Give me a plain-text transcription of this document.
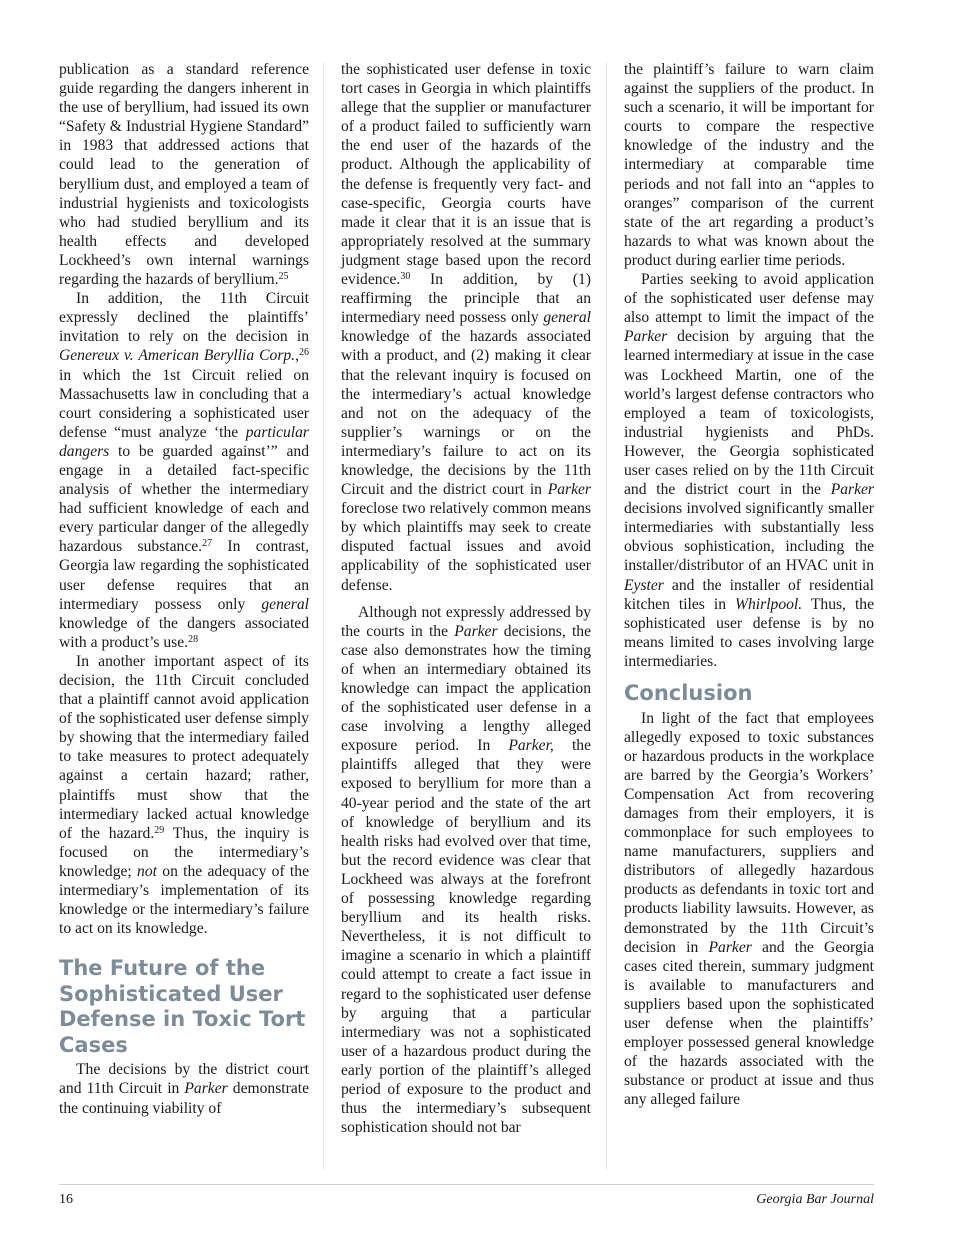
publication as a standard reference guide regarding the dangers inherent in the use of beryllium, had issued its own “Safety & Industrial Hygiene Standard” in 1983 that addressed actions that could lead to the generation of beryllium dust, and employed a team of industrial hygienists and toxicologists who had studied beryllium and its health effects and developed Lockheed’s own internal warnings regarding the hazards of beryllium.$^{25}$

In addition, the 11th Circuit expressly declined the plaintiffs’ invitation to rely on the decision in Genereux v. American Beryllia Corp.,$^{26}$ in which the 1st Circuit relied on Massachusetts law in concluding that a court considering a sophisticated user defense “must analyze ‘the particular dangers to be guarded against’” and engage in a detailed fact-specific analysis of whether the intermediary had sufficient knowledge of each and every particular danger of the allegedly hazardous substance.$^{27}$ In contrast, Georgia law regarding the sophisticated user defense requires that an intermediary possess only general knowledge of the dangers associated with a product’s use.$^{28}$

In another important aspect of its decision, the 11th Circuit concluded that a plaintiff cannot avoid application of the sophisticated user defense simply by showing that the intermediary failed to take measures to protect adequately against a certain hazard; rather, plaintiffs must show that the intermediary lacked actual knowledge of the hazard.$^{29}$ Thus, the inquiry is focused on the intermediary’s knowledge; not on the adequacy of the intermediary’s implementation of its knowledge or the intermediary’s failure to act on its knowledge.

The Future of the Sophisticated User Defense in Toxic Tort Cases

The decisions by the district court and 11th Circuit in Parker demonstrate the continuing viability of

the sophisticated user defense in toxic tort cases in Georgia in which plaintiffs allege that the supplier or manufacturer of a product failed to sufficiently warn the end user of the hazards of the product. Although the applicability of the defense is frequently very fact- and case-specific, Georgia courts have made it clear that it is an issue that is appropriately resolved at the summary judgment stage based upon the record evidence.$^{30}$ In addition, by (1) reaffirming the principle that an intermediary need possess only general knowledge of the hazards associated with a product, and (2) making it clear that the relevant inquiry is focused on the intermediary’s actual knowledge and not on the adequacy of the supplier’s warnings or on the intermediary’s failure to act on its knowledge, the decisions by the 11th Circuit and the district court in Parker foreclose two relatively common means by which plaintiffs may seek to create disputed factual issues and avoid applicability of the sophisticated user defense.

Although not expressly addressed by the courts in the Parker decisions, the case also demonstrates how the timing of when an intermediary obtained its knowledge can impact the application of the sophisticated user defense in a case involving a lengthy alleged exposure period. In Parker, the plaintiffs alleged that they were exposed to beryllium for more than a 40-year period and the state of the art of knowledge of beryllium and its health risks had evolved over that time, but the record evidence was clear that Lockheed was always at the forefront of possessing knowledge regarding beryllium and its health risks. Nevertheless, it is not difficult to imagine a scenario in which a plaintiff could attempt to create a fact issue in regard to the sophisticated user defense by arguing that a particular intermediary was not a sophisticated user of a hazardous product during the early portion of the plaintiff’s alleged period of exposure to the product and thus the intermediary’s subsequent sophistication should not bar

the plaintiff’s failure to warn claim against the suppliers of the product. In such a scenario, it will be important for courts to compare the respective knowledge of the industry and the intermediary at comparable time periods and not fall into an “apples to oranges” comparison of the current state of the art regarding a product’s hazards to what was known about the product during earlier time periods.

Parties seeking to avoid application of the sophisticated user defense may also attempt to limit the impact of the Parker decision by arguing that the learned intermediary at issue in the case was Lockheed Martin, one of the world’s largest defense contractors who employed a team of toxicologists, industrial hygienists and PhDs. However, the Georgia sophisticated user cases relied on by the 11th Circuit and the district court in the Parker decisions involved significantly smaller intermediaries with substantially less obvious sophistication, including the installer/distributor of an HVAC unit in Eyster and the installer of residential kitchen tiles in Whirlpool. Thus, the sophisticated user defense is by no means limited to cases involving large intermediaries.

Conclusion

In light of the fact that employees allegedly exposed to toxic substances or hazardous products in the workplace are barred by the Georgia’s Workers’ Compensation Act from recovering damages from their employers, it is commonplace for such employees to name manufacturers, suppliers and distributors of allegedly hazardous products as defendants in toxic tort and products liability lawsuits. However, as demonstrated by the 11th Circuit’s decision in Parker and the Georgia cases cited therein, summary judgment is available to manufacturers and suppliers based upon the sophisticated user defense when the plaintiffs’ employer possessed general knowledge of the hazards associated with the substance or product at issue and thus any alleged failure

16	Georgia Bar Journal
